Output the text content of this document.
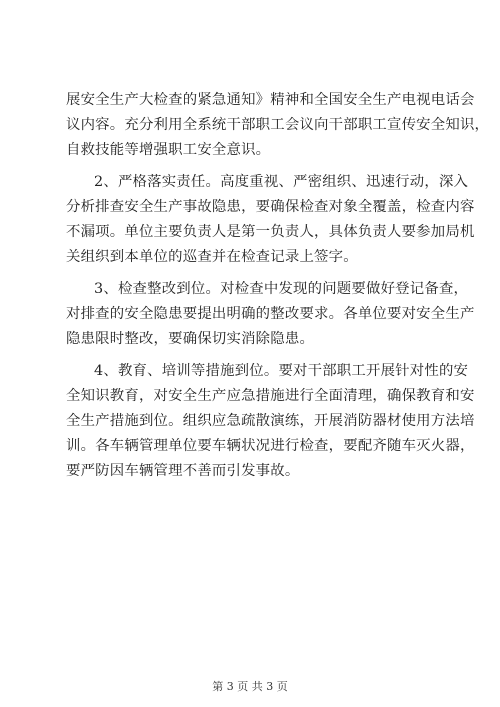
展安全生产大检查的紧急通知》精神和全国安全生产电视电话会
议内容。充分利用全系统干部职工会议向干部职工宣传安全知识，
自救技能等增强职工安全意识。
2、严格落实责任。高度重视、严密组织、迅速行动，深入
分析排查安全生产事故隐患，要确保检查对象全覆盖，检查内容
不漏项。单位主要负责人是第一负责人，具体负责人要参加局机
关组织到本单位的巡查并在检查记录上签字。
3、检查整改到位。对检查中发现的问题要做好登记备查，
对排查的安全隐患要提出明确的整改要求。各单位要对安全生产
隐患限时整改，要确保切实消除隐患。
4、教育、培训等措施到位。要对干部职工开展针对性的安
全知识教育，对安全生产应急措施进行全面清理，确保教育和安
全生产措施到位。组织应急疏散演练，开展消防器材使用方法培
训。各车辆管理单位要车辆状况进行检查，要配齐随车灭火器，
要严防因车辆管理不善而引发事故。
第 3 页 共 3 页
